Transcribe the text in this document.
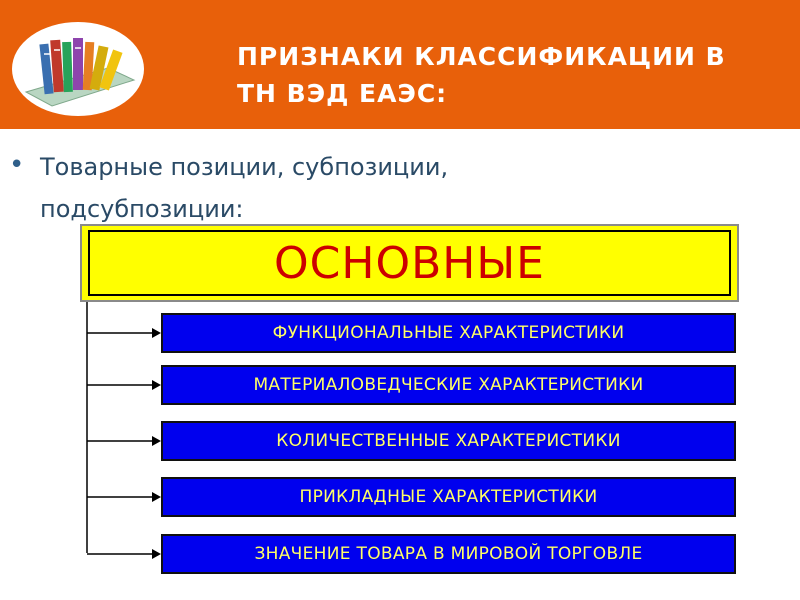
ПРИЗНАКИ КЛАССИФИКАЦИИ В
ТН ВЭД ЕАЭС:
• Товарные позиции, субпозиции,
подсубпозиции:
ОСНОВНЫЕ
ФУНКЦИОНАЛЬНЫЕ ХАРАКТЕРИСТИКИ
МАТЕРИАЛОВЕДЧЕСКИЕ ХАРАКТЕРИСТИКИ
КОЛИЧЕСТВЕННЫЕ ХАРАКТЕРИСТИКИ
ПРИКЛАДНЫЕ ХАРАКТЕРИСТИКИ
ЗНАЧЕНИЕ ТОВАРА В МИРОВОЙ ТОРГОВЛЕ
